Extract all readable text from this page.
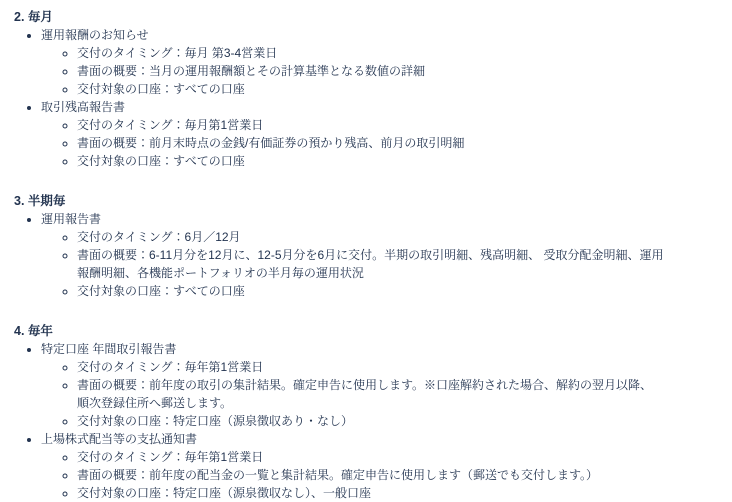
2. 毎月
• 運用報酬のお知らせ
◦ 交付のタイミング：毎月 第3-4営業日
◦ 書面の概要：当月の運用報酬額とその計算基準となる数値の詳細
◦ 交付対象の口座：すべての口座
• 取引残高報告書
◦ 交付のタイミング：毎月第1営業日
◦ 書面の概要：前月末時点の金銭/有価証券の預かり残高、前月の取引明細
◦ 交付対象の口座：すべての口座
3. 半期毎
• 運用報告書
◦ 交付のタイミング：6月／12月
◦ 書面の概要：6-11月分を12月に、12-5月分を6月に交付。半期の取引明細、残高明細、 受取分配金明細、運用報酬明細、各機能ポートフォリオの半月毎の運用状況
◦ 交付対象の口座：すべての口座
4. 毎年
• 特定口座 年間取引報告書
◦ 交付のタイミング：毎年第1営業日
◦ 書面の概要：前年度の取引の集計結果。確定申告に使用します。※口座解約された場合、解約の翌月以降、順次登録住所へ郵送します。
◦ 交付対象の口座：特定口座（源泉徴収あり・なし）
• 上場株式配当等の支払通知書
◦ 交付のタイミング：毎年第1営業日
◦ 書面の概要：前年度の配当金の一覧と集計結果。確定申告に使用します（郵送でも交付します。）
◦ 交付対象の口座：特定口座（源泉徴収なし）、一般口座
